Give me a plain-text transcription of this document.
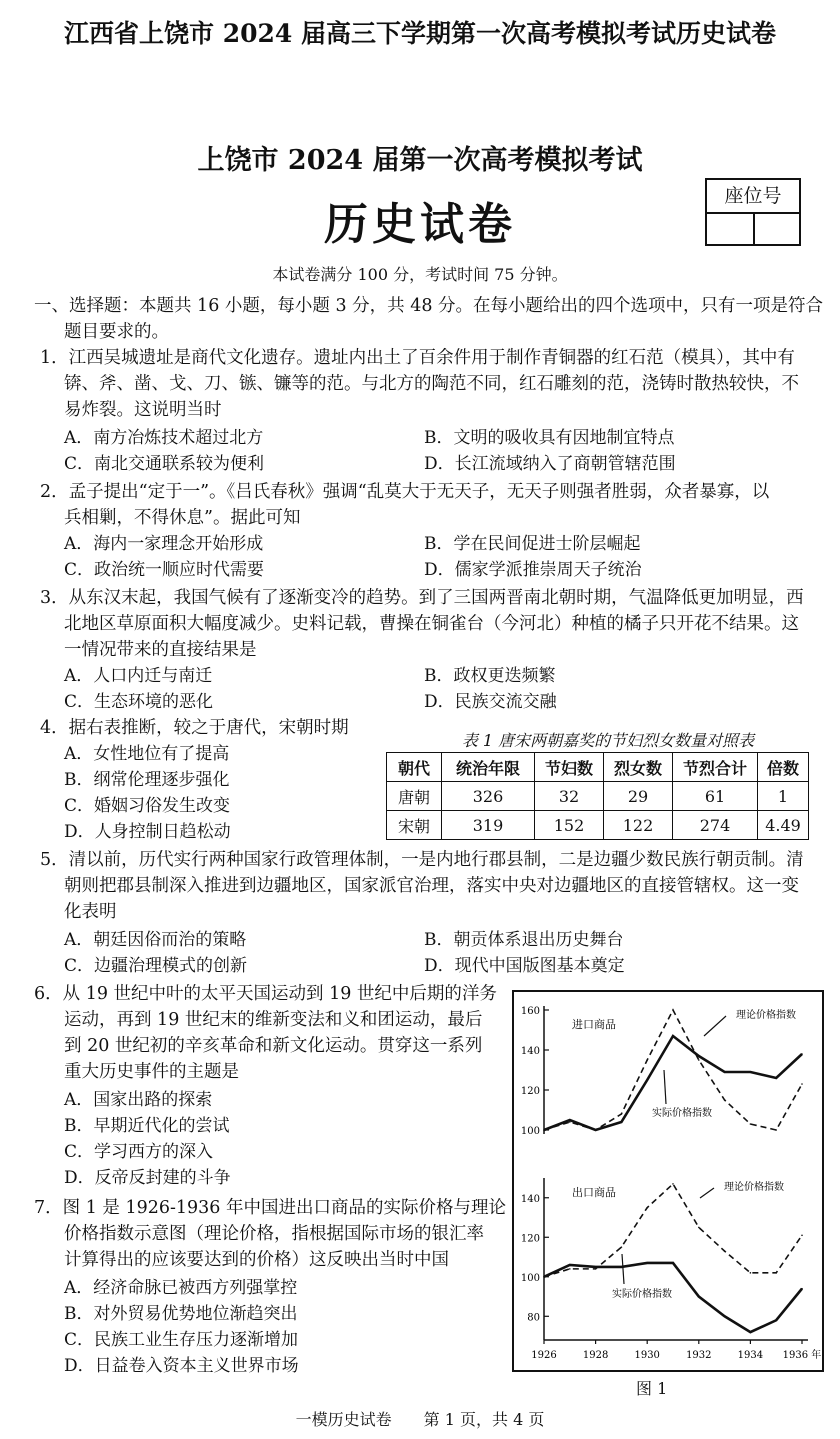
江西省上饶市 2024 届高三下学期第一次高考模拟考试历史试卷
上饶市 2024 届第一次高考模拟考试
历史试卷
座位号
本试卷满分 100 分，考试时间 75 分钟。
一、选择题：本题共 16 小题，每小题 3 分，共 48 分。在每小题给出的四个选项中，只有一项是符合
题目要求的。
1．江西吴城遗址是商代文化遗存。遗址内出土了百余件用于制作青铜器的红石范（模具），其中有
锛、斧、凿、戈、刀、镞、镰等的范。与北方的陶范不同，红石雕刻的范，浇铸时散热较快，不
易炸裂。这说明当时
A．南方冶炼技术超过北方	B．文明的吸收具有因地制宜特点
C．南北交通联系较为便利	D．长江流域纳入了商朝管辖范围
2．孟子提出“定于一”。《吕氏春秋》强调“乱莫大于无天子，无天子则强者胜弱，众者暴寡，以
兵相剿，不得休息”。据此可知
A．海内一家理念开始形成	B．学在民间促进士阶层崛起
C．政治统一顺应时代需要	D．儒家学派推崇周天子统治
3．从东汉末起，我国气候有了逐渐变冷的趋势。到了三国两晋南北朝时期，气温降低更加明显，西
北地区草原面积大幅度减少。史料记载，曹操在铜雀台（今河北）种植的橘子只开花不结果。这
一情况带来的直接结果是
A．人口内迁与南迁	B．政权更迭频繁
C．生态环境的恶化	D．民族交流交融
4．据右表推断，较之于唐代，宋朝时期
A．女性地位有了提高
B．纲常伦理逐步强化
C．婚姻习俗发生改变
D．人身控制日趋松动
表 1 唐宋两朝嘉奖的节妇烈女数量对照表
朝代	统治年限	节妇数	烈女数	节烈合计	倍数
唐朝	326	32	29	61	1
宋朝	319	152	122	274	4.49
5．清以前，历代实行两种国家行政管理体制，一是内地行郡县制，二是边疆少数民族行朝贡制。清
朝则把郡县制深入推进到边疆地区，国家派官治理，落实中央对边疆地区的直接管辖权。这一变
化表明
A．朝廷因俗而治的策略	B．朝贡体系退出历史舞台
C．边疆治理模式的创新	D．现代中国版图基本奠定
6．从 19 世纪中叶的太平天国运动到 19 世纪中后期的洋务
运动，再到 19 世纪末的维新变法和义和团运动，最后
到 20 世纪初的辛亥革命和新文化运动。贯穿这一系列
重大历史事件的主题是
A．国家出路的探索
B．早期近代化的尝试
C．学习西方的深入
D．反帝反封建的斗争
7．图 1 是 1926-1936 年中国进出口商品的实际价格与理论
价格指数示意图（理论价格，指根据国际市场的银汇率
计算得出的应该要达到的价格）这反映出当时中国
A．经济命脉已被西方列强掌控
B．对外贸易优势地位渐趋突出
C．民族工业生存压力逐渐增加
D．日益卷入资本主义世界市场
100
120
140
160
进口商品
理论价格指数
实际价格指数
80
100
120
140
出口商品	理论价格指数
实际价格指数
1926	1928	1930	1932	1934 1936 年
图 1
一模历史试卷　　第 1 页，共 4 页
